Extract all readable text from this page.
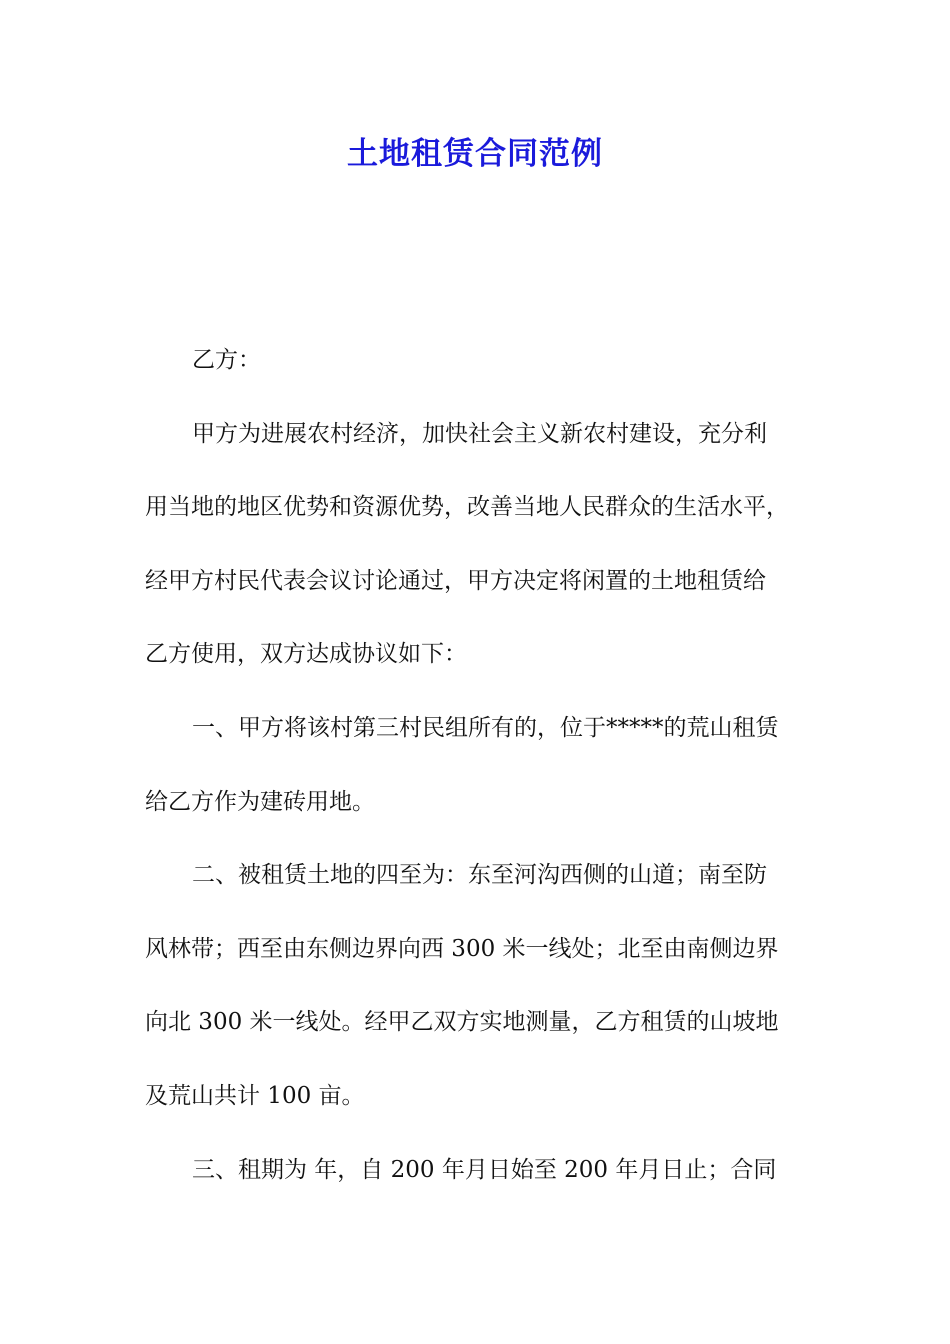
土地租赁合同范例
乙方：
甲方为进展农村经济，加快社会主义新农村建设，充分利
用当地的地区优势和资源优势，改善当地人民群众的生活水平，
经甲方村民代表会议讨论通过，甲方决定将闲置的土地租赁给
乙方使用，双方达成协议如下：
一、甲方将该村第三村民组所有的，位于*****的荒山租赁
给乙方作为建砖用地。
二、被租赁土地的四至为：东至河沟西侧的山道；南至防
风林带；西至由东侧边界向西 300 米一线处；北至由南侧边界
向北 300 米一线处。经甲乙双方实地测量，乙方租赁的山坡地
及荒山共计 100 亩。
三、租期为 年，自 200 年月日始至 200 年月日止；合同
